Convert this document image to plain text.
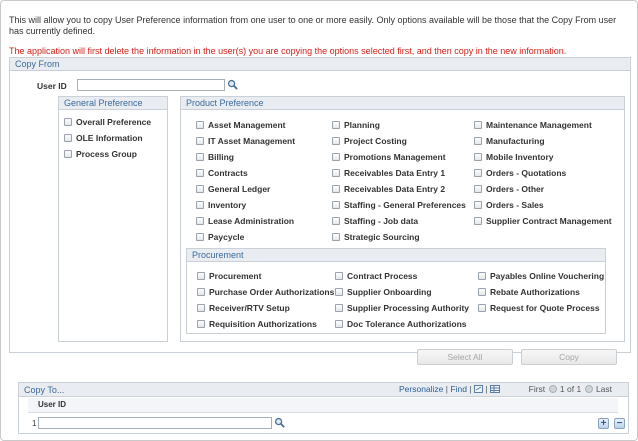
This will allow you to copy User Preference information from one user to one or more easily. Only options available will be those that the Copy From user has currently defined.
The application will first delete the information in the user(s) you are copying the options selected first, and then copy in the new information.
Copy From
User ID
General Preference
Overall Preference
OLE Information
Process Group
Product Preference
Asset Management
IT Asset Management
Billing
Contracts
General Ledger
Inventory
Lease Administration
Paycycle
Planning
Project Costing
Promotions Management
Receivables Data Entry 1
Receivables Data Entry 2
Staffing - General Preferences
Staffing - Job data
Strategic Sourcing
Maintenance Management
Manufacturing
Mobile Inventory
Orders - Quotations
Orders - Other
Orders - Sales
Supplier Contract Management
Procurement
Procurement
Purchase Order Authorizations
Receiver/RTV Setup
Requisition Authorizations
Contract Process
Supplier Onboarding
Supplier Processing Authority
Doc Tolerance Authorizations
Payables Online Vouchering
Rebate Authorizations
Request for Quote Process
Select All	Copy
Copy To...	Personalize | Find | |	First 1 of 1 Last
User ID
1	+ −
